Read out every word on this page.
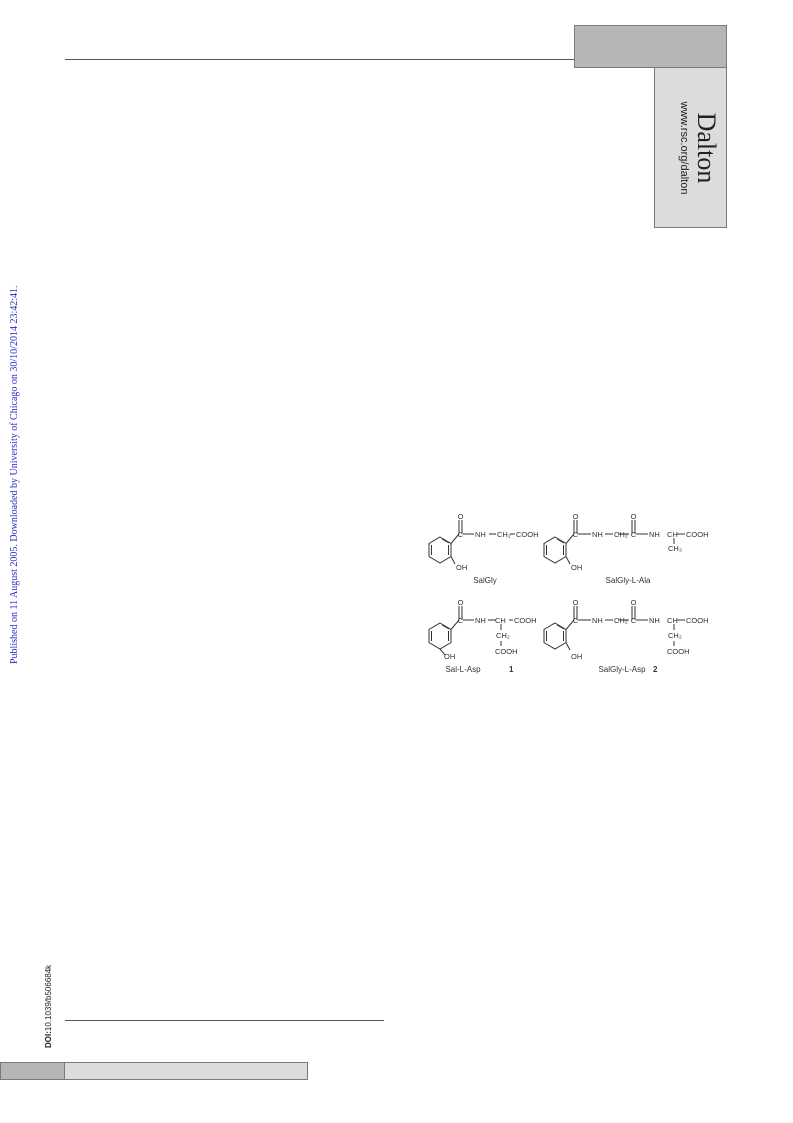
Dalton
www.rsc.org/dalton
Published on 11 August 2005. Downloaded by University of Chicago on 30/10/2014 23:42:41.
DOI:10.1039/b506684k
O
C NH CH₂ COOH
OH
O
C NH CH₂
O
C NH CH COOH
CH₃
OH
O
C NH CH COOH
CH₂
COOH
OH
O
C NH CH₂
O
C NH CH COOH
CH₂
COOH
OH
SalGly	SalGly-L-Ala
Sal-L-Asp	1	SalGly-L-Asp 2
